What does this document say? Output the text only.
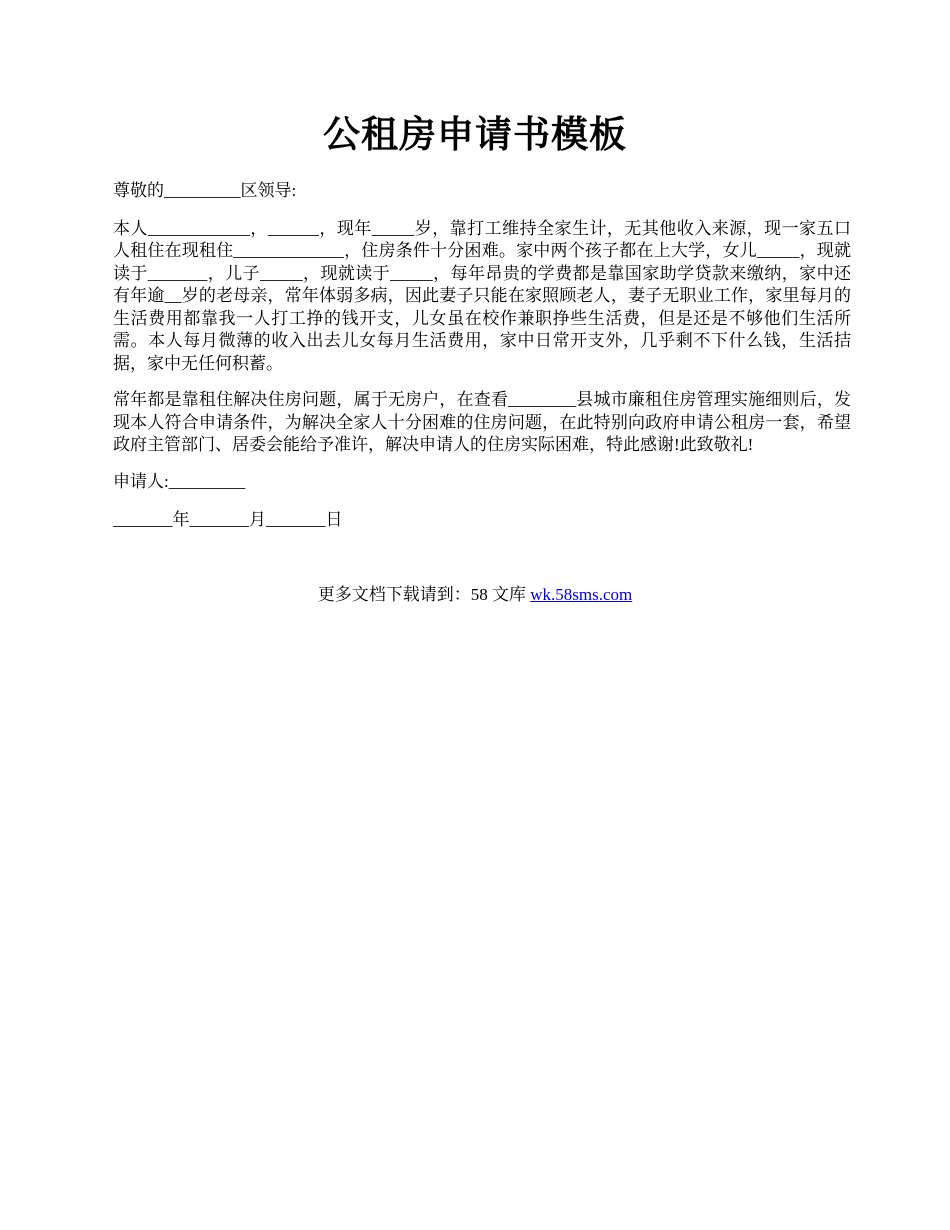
公租房申请书模板

尊敬的_________区领导:

本人____________，______，现年_____岁，靠打工维持全家生计，无其他收入来源，现一家五口人租住在现租住_____________，住房条件十分困难。家中两个孩子都在上大学，女儿_____，现就读于_______，儿子_____，现就读于_____，每年昂贵的学费都是靠国家助学贷款来缴纳，家中还有年逾__岁的老母亲，常年体弱多病，因此妻子只能在家照顾老人，妻子无职业工作，家里每月的生活费用都靠我一人打工挣的钱开支，儿女虽在校作兼职挣些生活费，但是还是不够他们生活所需。本人每月微薄的收入出去儿女每月生活费用，家中日常开支外，几乎剩不下什么钱，生活拮据，家中无任何积蓄。

常年都是靠租住解决住房问题，属于无房户，在查看________县城市廉租住房管理实施细则后，发现本人符合申请条件，为解决全家人十分困难的住房问题，在此特别向政府申请公租房一套，希望政府主管部门、居委会能给予准许，解决申请人的住房实际困难，特此感谢!此致敬礼!

申请人:_________

_______年_______月_______日

更多文档下载请到：58 文库 wk.58sms.com
